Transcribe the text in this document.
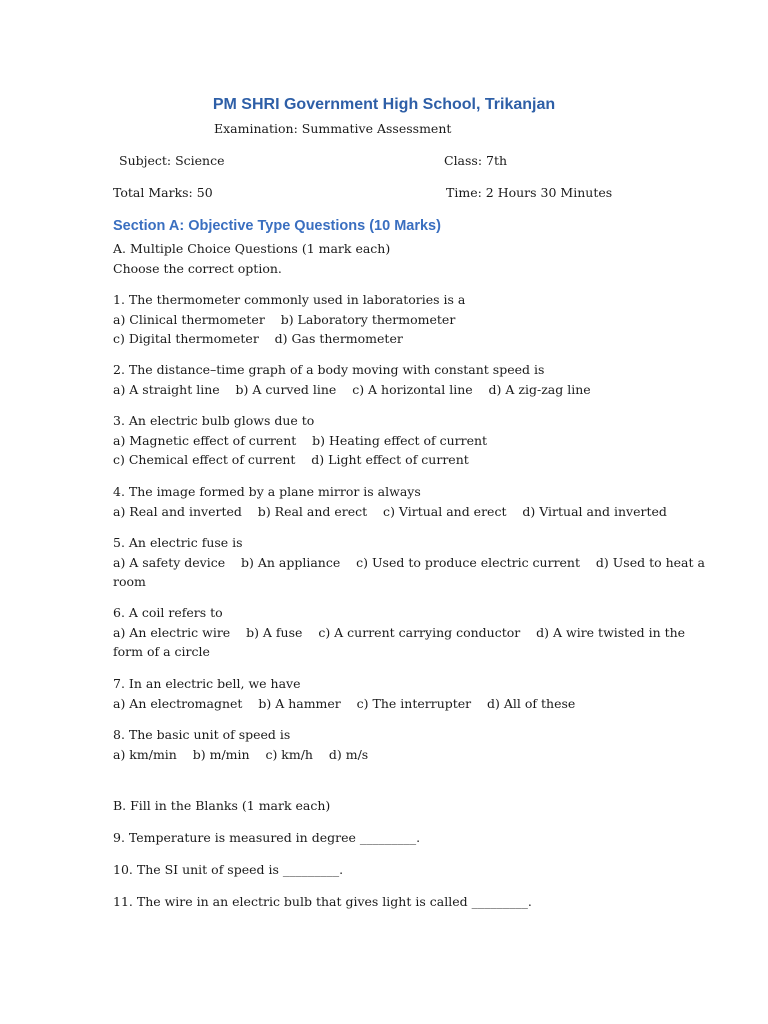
PM SHRI Government High School, Trikanjan
Examination: Summative Assessment
Subject: Science	Class: 7th
Total Marks: 50	Time: 2 Hours 30 Minutes
Section A: Objective Type Questions (10 Marks)
A. Multiple Choice Questions (1 mark each)
Choose the correct option.
1. The thermometer commonly used in laboratories is a
a) Clinical thermometer    b) Laboratory thermometer
c) Digital thermometer    d) Gas thermometer
2. The distance–time graph of a body moving with constant speed is
a) A straight line    b) A curved line    c) A horizontal line    d) A zig-zag line
3. An electric bulb glows due to
a) Magnetic effect of current    b) Heating effect of current
c) Chemical effect of current    d) Light effect of current
4. The image formed by a plane mirror is always
a) Real and inverted    b) Real and erect    c) Virtual and erect    d) Virtual and inverted
5. An electric fuse is
a) A safety device    b) An appliance    c) Used to produce electric current    d) Used to heat a
room
6. A coil refers to
a) An electric wire    b) A fuse    c) A current carrying conductor    d) A wire twisted in the
form of a circle
7. In an electric bell, we have
a) An electromagnet    b) A hammer    c) The interrupter    d) All of these
8. The basic unit of speed is
a) km/min    b) m/min    c) km/h    d) m/s
B. Fill in the Blanks (1 mark each)
9. Temperature is measured in degree _________.
10. The SI unit of speed is _________.
11. The wire in an electric bulb that gives light is called _________.
